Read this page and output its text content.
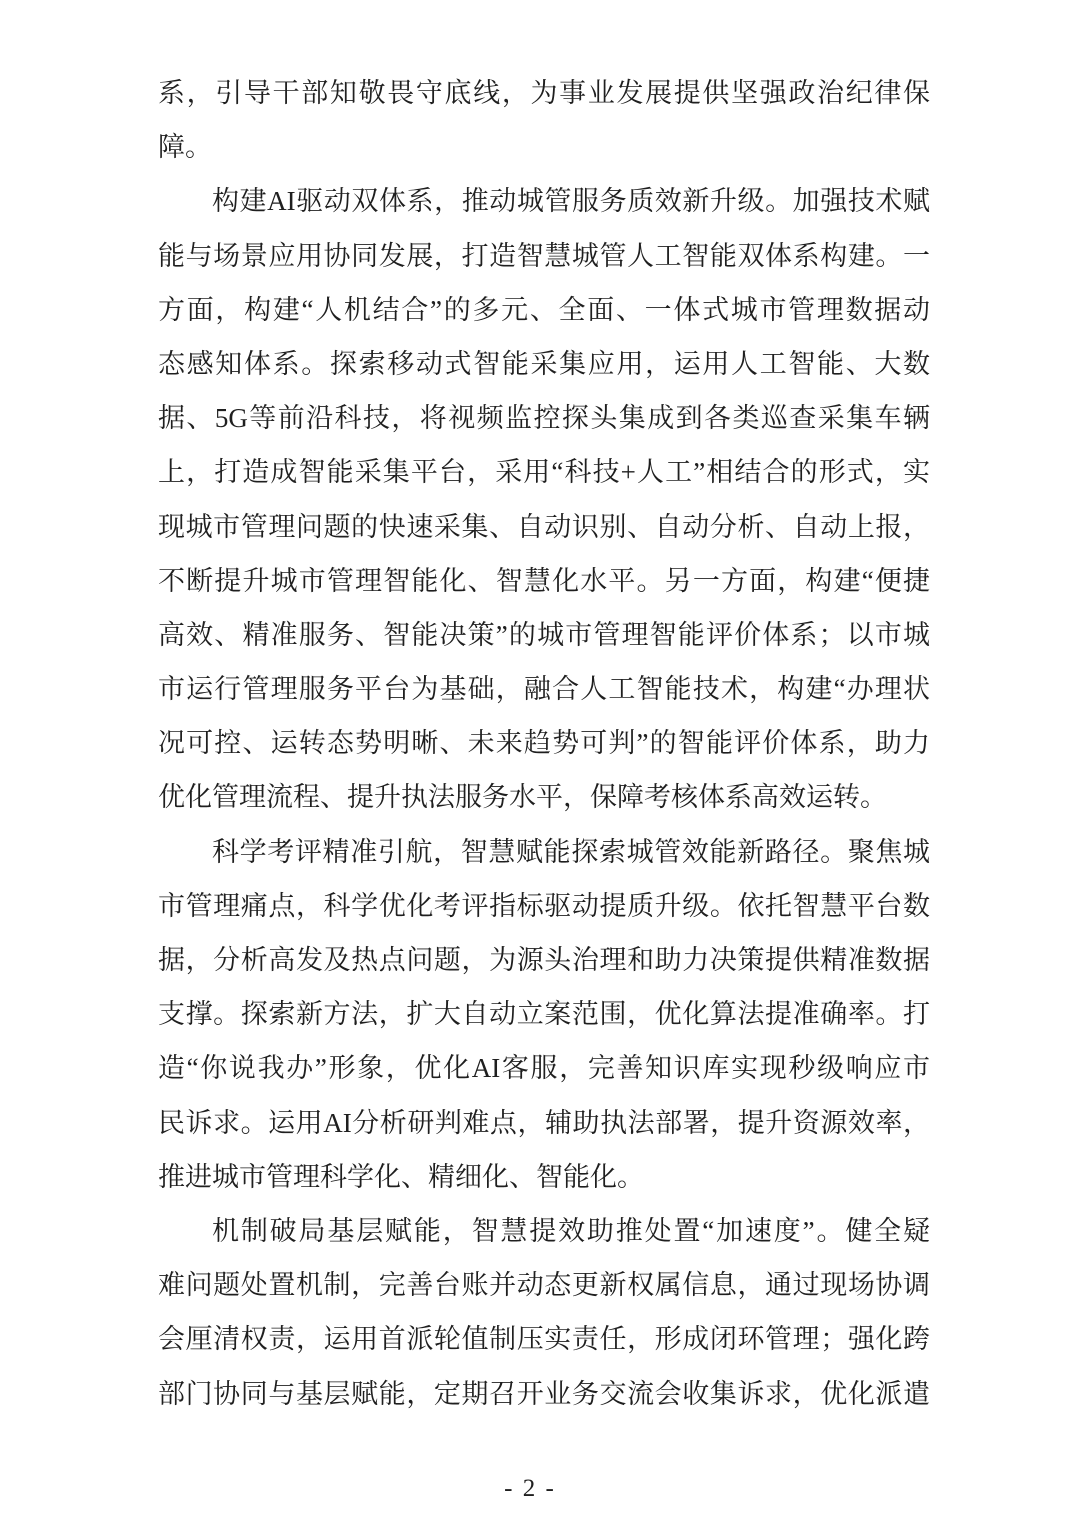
系，引导干部知敬畏守底线，为事业发展提供坚强政治纪律保
障。
构建AI驱动双体系，推动城管服务质效新升级。加强技术赋
能与场景应用协同发展，打造智慧城管人工智能双体系构建。一
方面，构建“人机结合”的多元、全面、一体式城市管理数据动
态感知体系。探索移动式智能采集应用，运用人工智能、大数
据、5G等前沿科技，将视频监控探头集成到各类巡查采集车辆
上，打造成智能采集平台，采用“科技+人工”相结合的形式，实
现城市管理问题的快速采集、自动识别、自动分析、自动上报，
不断提升城市管理智能化、智慧化水平。另一方面，构建“便捷
高效、精准服务、智能决策”的城市管理智能评价体系；以市城
市运行管理服务平台为基础，融合人工智能技术，构建“办理状
况可控、运转态势明晰、未来趋势可判”的智能评价体系，助力
优化管理流程、提升执法服务水平，保障考核体系高效运转。
科学考评精准引航，智慧赋能探索城管效能新路径。聚焦城
市管理痛点，科学优化考评指标驱动提质升级。依托智慧平台数
据，分析高发及热点问题，为源头治理和助力决策提供精准数据
支撑。探索新方法，扩大自动立案范围，优化算法提准确率。打
造“你说我办”形象，优化AI客服，完善知识库实现秒级响应市
民诉求。运用AI分析研判难点，辅助执法部署，提升资源效率，
推进城市管理科学化、精细化、智能化。
机制破局基层赋能，智慧提效助推处置“加速度”。健全疑
难问题处置机制，完善台账并动态更新权属信息，通过现场协调
会厘清权责，运用首派轮值制压实责任，形成闭环管理；强化跨
部门协同与基层赋能，定期召开业务交流会收集诉求，优化派遣
- 2 -
